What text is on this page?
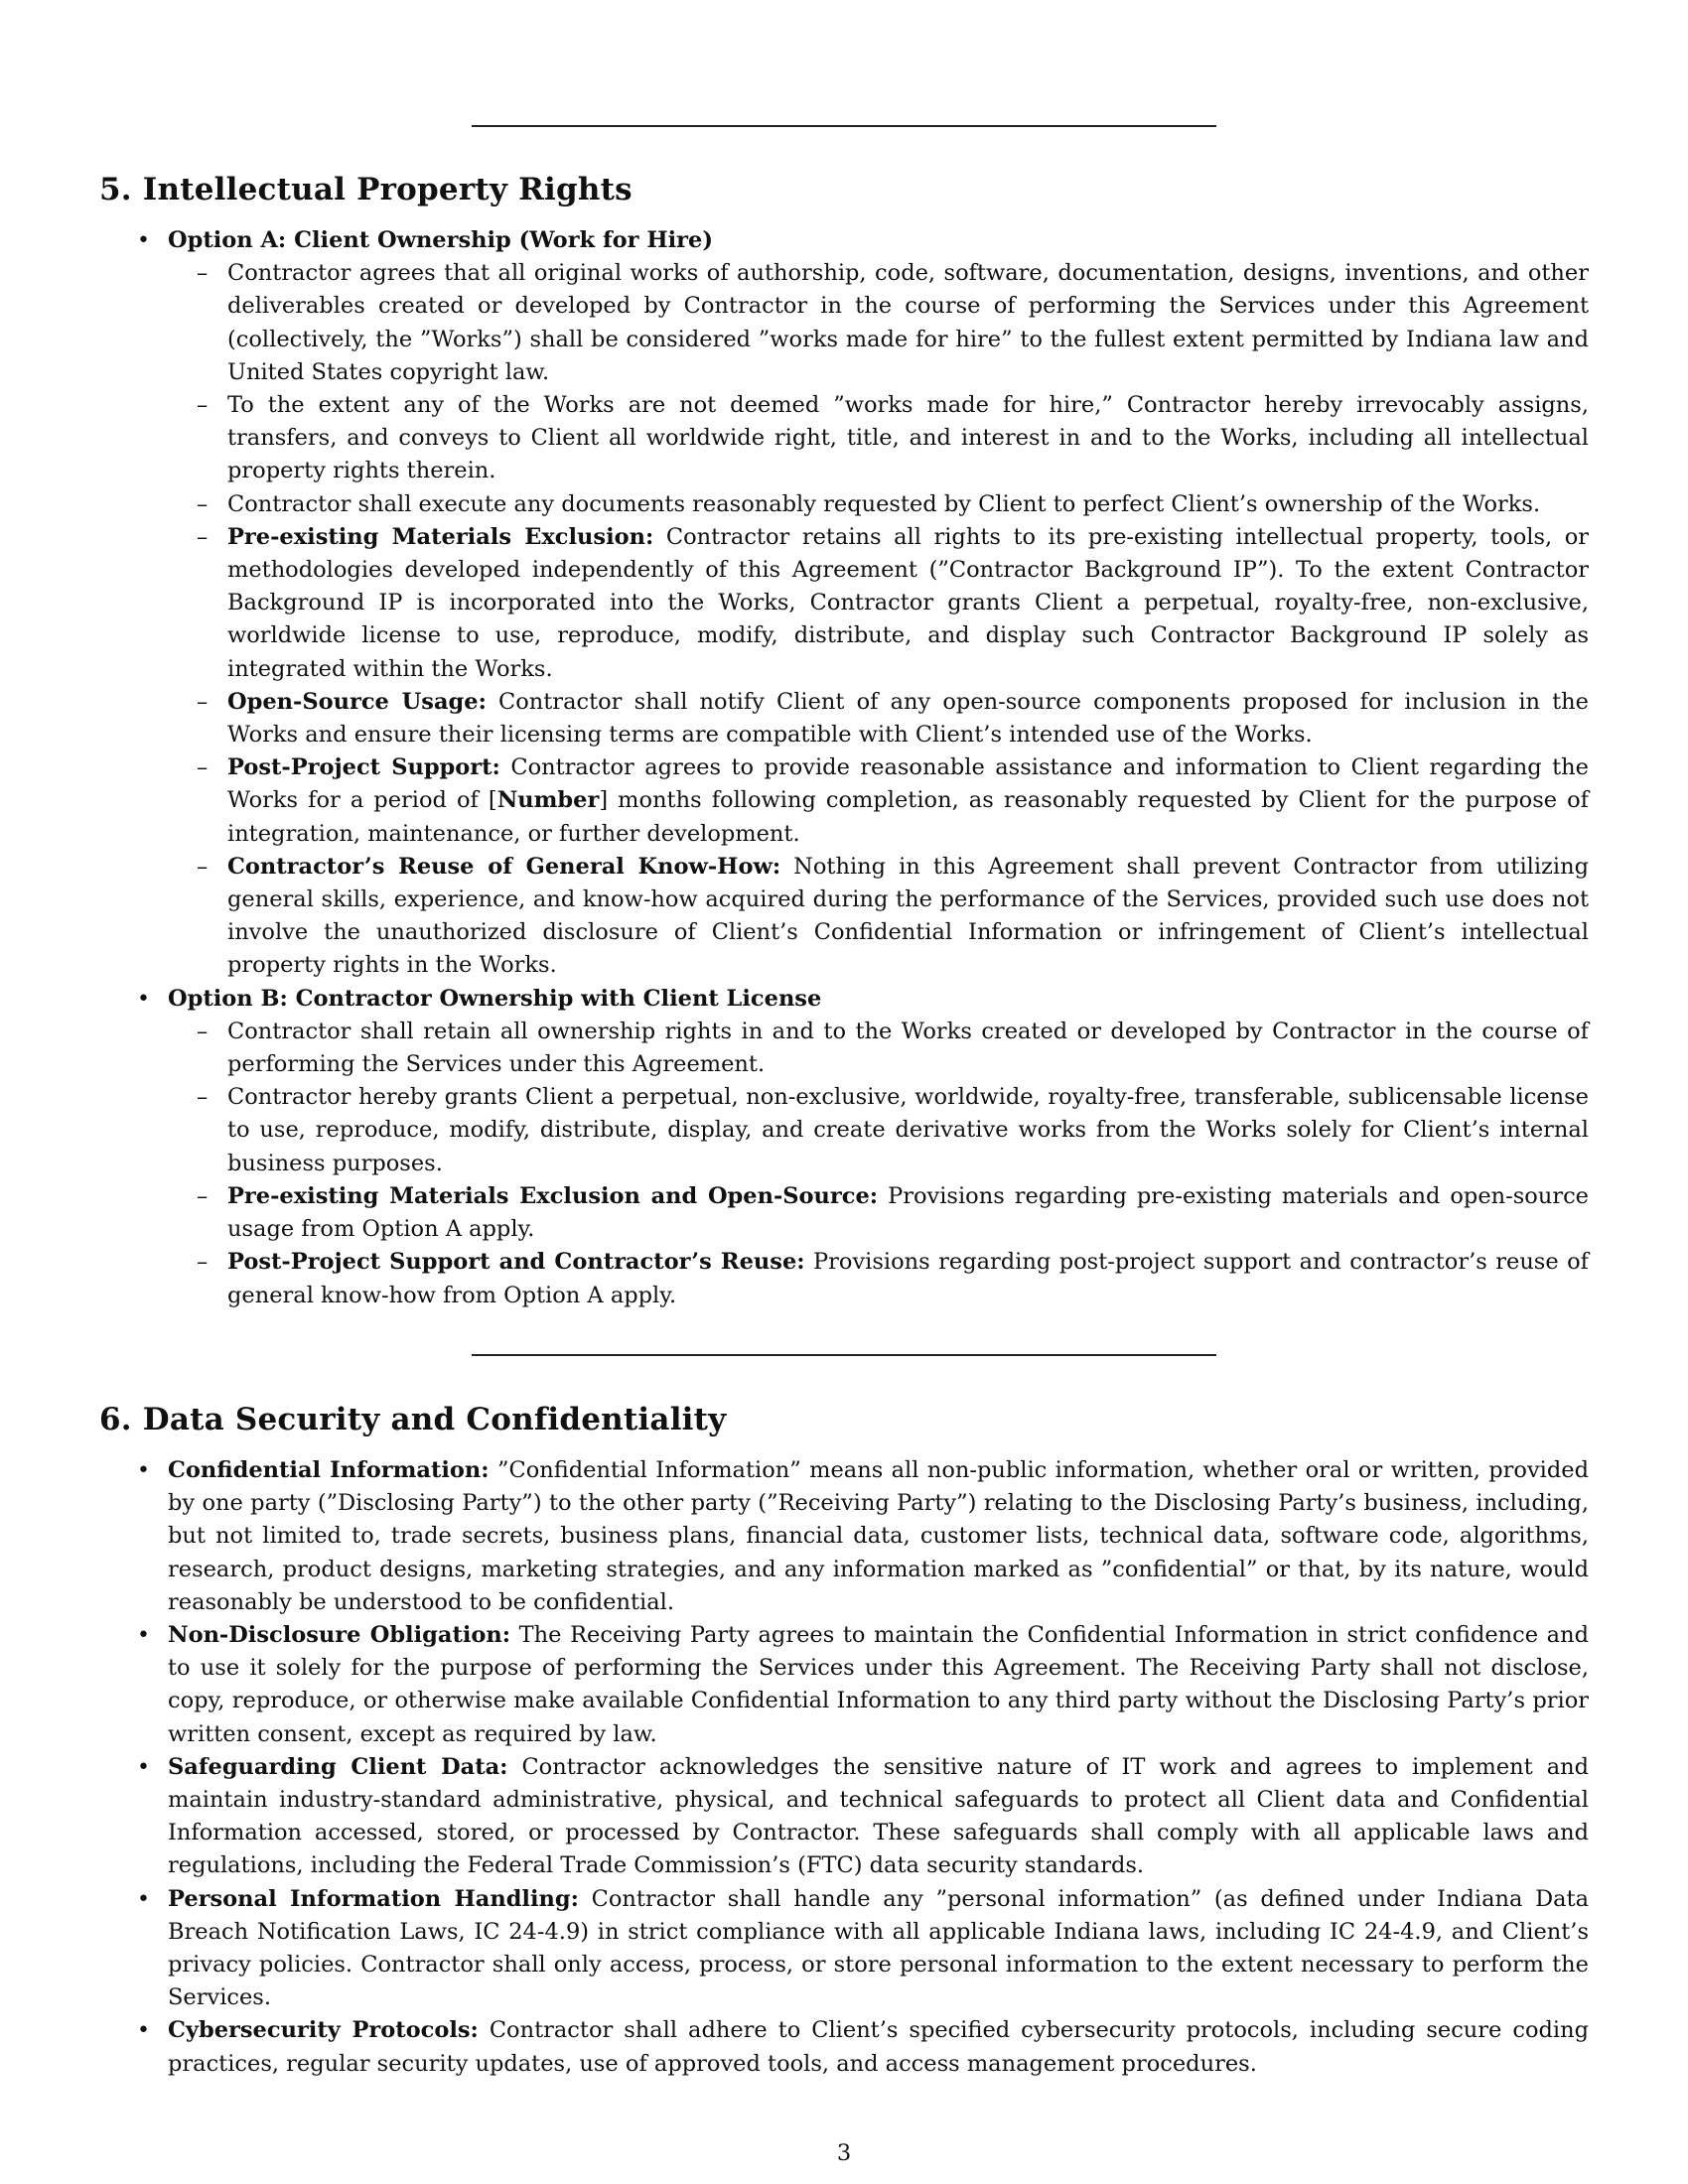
5. Intellectual Property Rights
• Option A: Client Ownership (Work for Hire)
– Contractor agrees that all original works of authorship, code, software, documentation, designs, inventions, and other deliverables created or developed by Contractor in the course of performing the Services under this Agreement (collectively, the ”Works”) shall be considered ”works made for hire” to the fullest extent permitted by Indiana law and United States copyright law.
– To the extent any of the Works are not deemed ”works made for hire,” Contractor hereby irrevocably assigns, transfers, and conveys to Client all worldwide right, title, and interest in and to the Works, including all intellectual property rights therein.
– Contractor shall execute any documents reasonably requested by Client to perfect Client’s ownership of the Works.
– Pre-existing Materials Exclusion: Contractor retains all rights to its pre-existing intellectual property, tools, or methodologies developed independently of this Agreement (”Contractor Background IP”). To the extent Contractor Background IP is incorporated into the Works, Contractor grants Client a perpetual, royalty-free, non-exclusive, worldwide license to use, reproduce, modify, distribute, and display such Contractor Background IP solely as integrated within the Works.
– Open-Source Usage: Contractor shall notify Client of any open-source components proposed for inclusion in the Works and ensure their licensing terms are compatible with Client’s intended use of the Works.
– Post-Project Support: Contractor agrees to provide reasonable assistance and information to Client regarding the Works for a period of [Number] months following completion, as reasonably requested by Client for the purpose of integration, maintenance, or further development.
– Contractor’s Reuse of General Know-How: Nothing in this Agreement shall prevent Contractor from utilizing general skills, experience, and know-how acquired during the performance of the Services, provided such use does not involve the unauthorized disclosure of Client’s Confidential Information or infringement of Client’s intellectual property rights in the Works.
• Option B: Contractor Ownership with Client License
– Contractor shall retain all ownership rights in and to the Works created or developed by Contractor in the course of performing the Services under this Agreement.
– Contractor hereby grants Client a perpetual, non-exclusive, worldwide, royalty-free, transferable, sublicensable license to use, reproduce, modify, distribute, display, and create derivative works from the Works solely for Client’s internal business purposes.
– Pre-existing Materials Exclusion and Open-Source: Provisions regarding pre-existing materials and open-source usage from Option A apply.
– Post-Project Support and Contractor’s Reuse: Provisions regarding post-project support and contractor’s reuse of general know-how from Option A apply.
6. Data Security and Confidentiality
• Confidential Information: ”Confidential Information” means all non-public information, whether oral or written, provided by one party (”Disclosing Party”) to the other party (”Receiving Party”) relating to the Disclosing Party’s business, including, but not limited to, trade secrets, business plans, financial data, customer lists, technical data, software code, algorithms, research, product designs, marketing strategies, and any information marked as ”confidential” or that, by its nature, would reasonably be understood to be confidential.
• Non-Disclosure Obligation: The Receiving Party agrees to maintain the Confidential Information in strict confidence and to use it solely for the purpose of performing the Services under this Agreement. The Receiving Party shall not disclose, copy, reproduce, or otherwise make available Confidential Information to any third party without the Disclosing Party’s prior written consent, except as required by law.
• Safeguarding Client Data: Contractor acknowledges the sensitive nature of IT work and agrees to implement and maintain industry-standard administrative, physical, and technical safeguards to protect all Client data and Confidential Information accessed, stored, or processed by Contractor. These safeguards shall comply with all applicable laws and regulations, including the Federal Trade Commission’s (FTC) data security standards.
• Personal Information Handling: Contractor shall handle any ”personal information” (as defined under Indiana Data Breach Notification Laws, IC 24-4.9) in strict compliance with all applicable Indiana laws, including IC 24-4.9, and Client’s privacy policies. Contractor shall only access, process, or store personal information to the extent necessary to perform the Services.
• Cybersecurity Protocols: Contractor shall adhere to Client’s specified cybersecurity protocols, including secure coding practices, regular security updates, use of approved tools, and access management procedures.
3
